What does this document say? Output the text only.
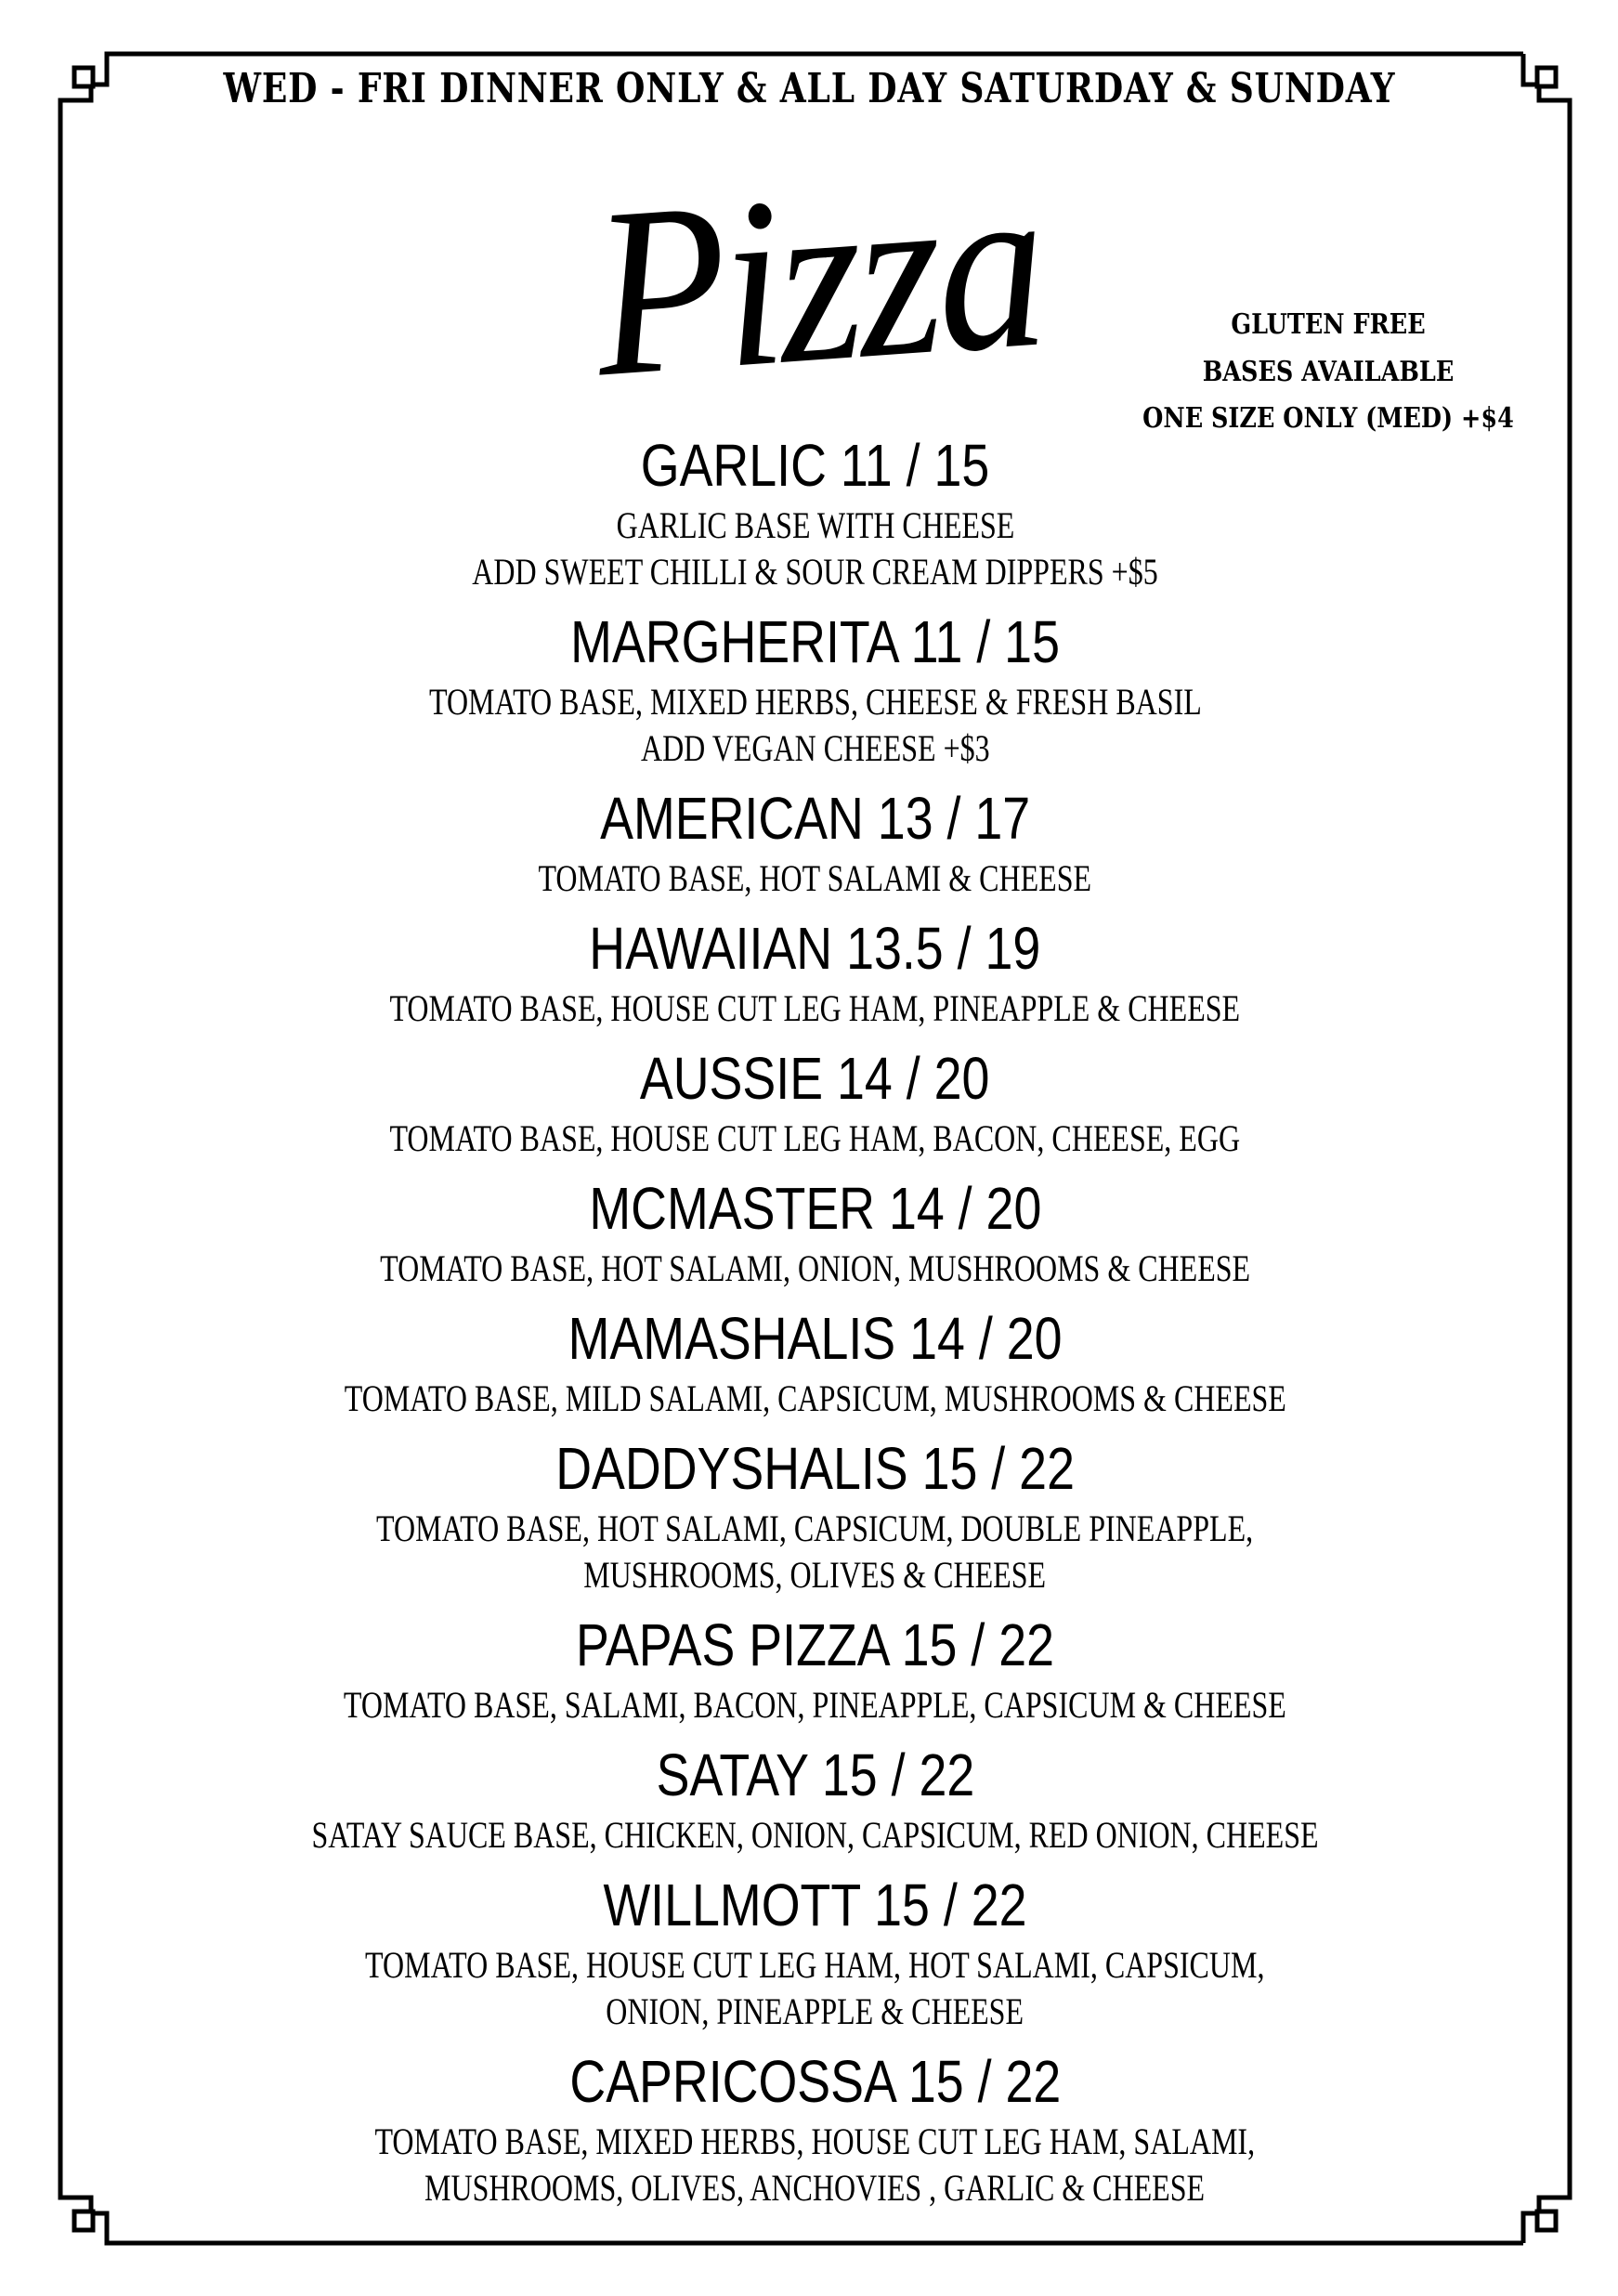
WED - FRI DINNER ONLY & ALL DAY SATURDAY & SUNDAY
Pizza	GLUTEN FREE
BASES AVAILABLE
ONE SIZE ONLY (MED) +$4
GARLIC 11 / 15
GARLIC BASE WITH CHEESE
ADD SWEET CHILLI & SOUR CREAM DIPPERS +$5
MARGHERITA 11 / 15
TOMATO BASE, MIXED HERBS, CHEESE & FRESH BASIL
ADD VEGAN CHEESE +$3
AMERICAN 13 / 17
TOMATO BASE, HOT SALAMI & CHEESE
HAWAIIAN 13.5 / 19
TOMATO BASE, HOUSE CUT LEG HAM, PINEAPPLE & CHEESE
AUSSIE 14 / 20
TOMATO BASE, HOUSE CUT LEG HAM, BACON, CHEESE, EGG
MCMASTER 14 / 20
TOMATO BASE, HOT SALAMI, ONION, MUSHROOMS & CHEESE
MAMASHALIS 14 / 20
TOMATO BASE, MILD SALAMI, CAPSICUM, MUSHROOMS & CHEESE
DADDYSHALIS 15 / 22
TOMATO BASE, HOT SALAMI, CAPSICUM, DOUBLE PINEAPPLE,
MUSHROOMS, OLIVES & CHEESE
PAPAS PIZZA 15 / 22
TOMATO BASE, SALAMI, BACON, PINEAPPLE, CAPSICUM & CHEESE
SATAY 15 / 22
SATAY SAUCE BASE, CHICKEN, ONION, CAPSICUM, RED ONION, CHEESE
WILLMOTT 15 / 22
TOMATO BASE, HOUSE CUT LEG HAM, HOT SALAMI, CAPSICUM,
ONION, PINEAPPLE & CHEESE
CAPRICOSSA 15 / 22
TOMATO BASE, MIXED HERBS, HOUSE CUT LEG HAM, SALAMI,
MUSHROOMS, OLIVES, ANCHOVIES , GARLIC & CHEESE
